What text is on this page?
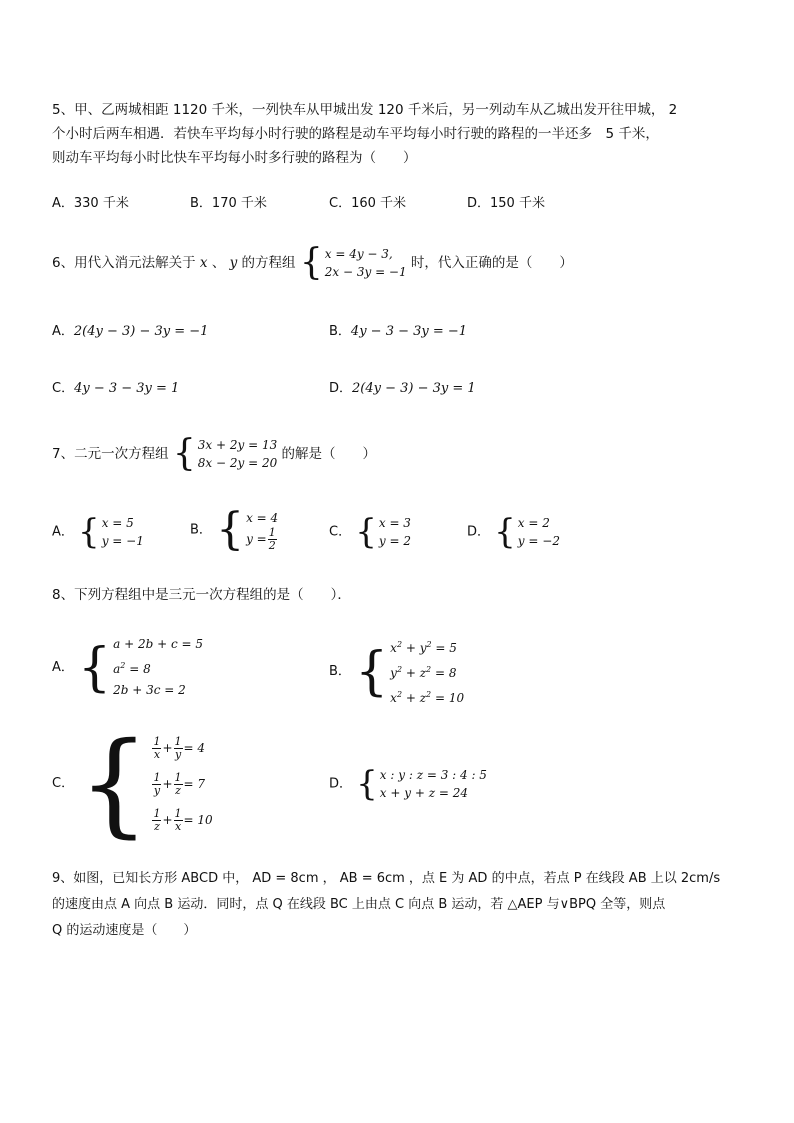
5、甲、乙两城相距 1120 千米，一列快车从甲城出发 120 千米后，另一列动车从乙城出发开往甲城， 2
个小时后两车相遇．若快车平均每小时行驶的路程是动车平均每小时行驶的路程的一半还多　5 千米，
则动车平均每小时比快车平均每小时多行驶的路程为（　　）
A．330 千米	B．170 千米	C．160 千米	D．150 千米
6、用代入消元法解关于 x 、 y 的方程组 { x = 4y − 3,
2x − 3y = −1
时，代入正确的是（　　）
A．2(4y − 3) − 3y = −1	B．4y − 3 − 3y = −1
C．4y − 3 − 3y = 1	D．2(4y − 3) − 3y = 1
7、二元一次方程组 { 3x + 2y = 13
8x − 2y = 20
的解是（　　）
A． { x = 5
y = −1
B． { x = 4
$y = \frac{1}{2}$	C． { x = 3
y = 2
D． { x = 2
y = −2
8、下列方程组中是三元一次方程组的是（　　）．
A． { a + 2b + c = 5
$a^2 = 8$
2b + 3c = 2
B． { $x^2 + y^2 = 5$
$y^2 + z^2 = 8$
$x^2 + z^2 = 10$
C． { $\frac{1}{x} + \frac{1}{y} = 4$
$\frac{1}{y} + \frac{1}{z} = 7$
$\frac{1}{z} + \frac{1}{x} = 10$
D． { x : y : z = 3 : 4 : 5
x + y + z = 24
9、如图，已知长方形 ABCD 中， AD = 8cm ， AB = 6cm ，点 E 为 AD 的中点，若点 P 在线段 AB 上以 2cm/s
的速度由点 A 向点 B 运动．同时，点 Q 在线段 BC 上由点 C 向点 B 运动，若 △AEP 与∨BPQ 全等，则点
Q 的运动速度是（　　）
